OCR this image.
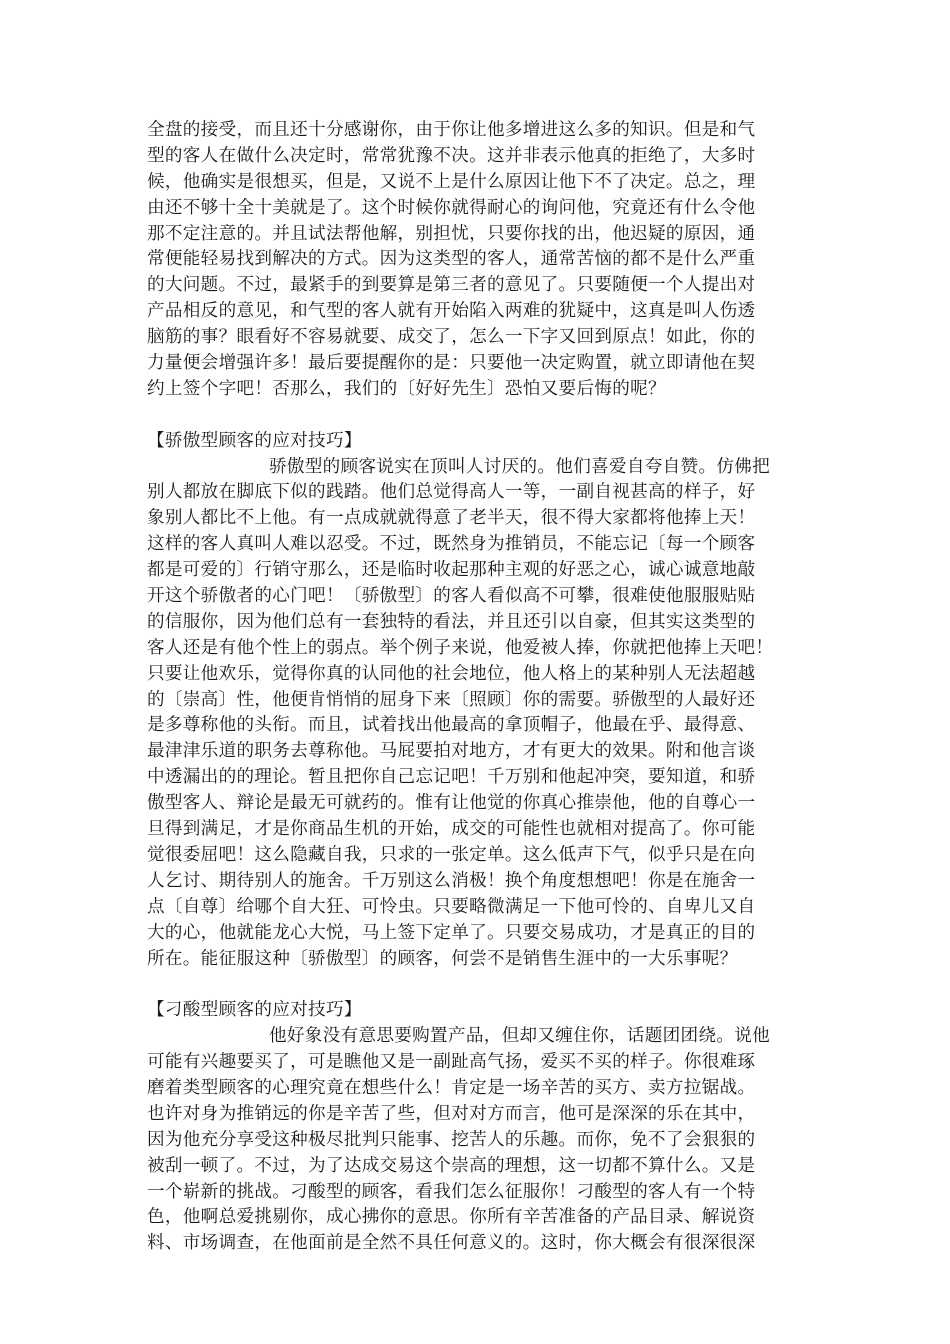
全盘的接受，而且还十分感谢你，由于你让他多增进这么多的知识。但是和气
型的客人在做什么决定时，常常犹豫不决。这并非表示他真的拒绝了，大多时
候，他确实是很想买，但是，又说不上是什么原因让他下不了决定。总之，理
由还不够十全十美就是了。这个时候你就得耐心的询问他，究竟还有什么令他
那不定注意的。并且试法帮他解，别担忧，只要你找的出，他迟疑的原因，通
常便能轻易找到解决的方式。因为这类型的客人，通常苦恼的都不是什么严重
的大问题。不过，最紧手的到要算是第三者的意见了。只要随便一个人提出对
产品相反的意见，和气型的客人就有开始陷入两难的犹疑中，这真是叫人伤透
脑筋的事？眼看好不容易就要、成交了，怎么一下字又回到原点！如此，你的
力量便会增强许多！最后要提醒你的是：只要他一决定购置，就立即请他在契
约上签个字吧！否那么，我们的〔好好先生〕恐怕又要后悔的呢？
【骄傲型顾客的应对技巧】
骄傲型的顾客说实在顶叫人讨厌的。他们喜爱自夸自赞。仿佛把
别人都放在脚底下似的践踏。他们总觉得高人一等，一副自视甚高的样子，好
象别人都比不上他。有一点成就就得意了老半天，很不得大家都将他捧上天！
这样的客人真叫人难以忍受。不过，既然身为推销员，不能忘记〔每一个顾客
都是可爱的〕行销守那么，还是临时收起那种主观的好恶之心，诚心诚意地敲
开这个骄傲者的心门吧！〔骄傲型〕的客人看似高不可攀，很难使他服服贴贴
的信服你，因为他们总有一套独特的看法，并且还引以自豪，但其实这类型的
客人还是有他个性上的弱点。举个例子来说，他爱被人捧，你就把他捧上天吧！
只要让他欢乐，觉得你真的认同他的社会地位，他人格上的某种别人无法超越
的〔崇高〕性，他便肯悄悄的屈身下来〔照顾〕你的需要。骄傲型的人最好还
是多尊称他的头衔。而且，试着找出他最高的拿顶帽子，他最在乎、最得意、
最津津乐道的职务去尊称他。马屁要拍对地方，才有更大的效果。附和他言谈
中透漏出的的理论。暂且把你自己忘记吧！千万别和他起冲突，要知道，和骄
傲型客人、辩论是最无可就药的。惟有让他觉的你真心推崇他，他的自尊心一
旦得到满足，才是你商品生机的开始，成交的可能性也就相对提高了。你可能
觉很委屈吧！这么隐藏自我，只求的一张定单。这么低声下气，似乎只是在向
人乞讨、期待别人的施舍。千万别这么消极！换个角度想想吧！你是在施舍一
点〔自尊〕给哪个自大狂、可怜虫。只要略微满足一下他可怜的、自卑儿又自
大的心，他就能龙心大悦，马上签下定单了。只要交易成功，才是真正的目的
所在。能征服这种〔骄傲型〕的顾客，何尝不是销售生涯中的一大乐事呢？
【刁酸型顾客的应对技巧】
他好象没有意思要购置产品，但却又缠住你，话题团团绕。说他
可能有兴趣要买了，可是瞧他又是一副趾高气扬，爱买不买的样子。你很难琢
磨着类型顾客的心理究竟在想些什么！肯定是一场辛苦的买方、卖方拉锯战。
也许对身为推销远的你是辛苦了些，但对对方而言，他可是深深的乐在其中，
因为他充分享受这种极尽批判只能事、挖苦人的乐趣。而你，免不了会狠狠的
被刮一顿了。不过，为了达成交易这个崇高的理想，这一切都不算什么。又是
一个崭新的挑战。刁酸型的顾客，看我们怎么征服你！刁酸型的客人有一个特
色，他啊总爱挑剔你，成心拂你的意思。你所有辛苦准备的产品目录、解说资
料、市场调查，在他面前是全然不具任何意义的。这时，你大概会有很深很深
